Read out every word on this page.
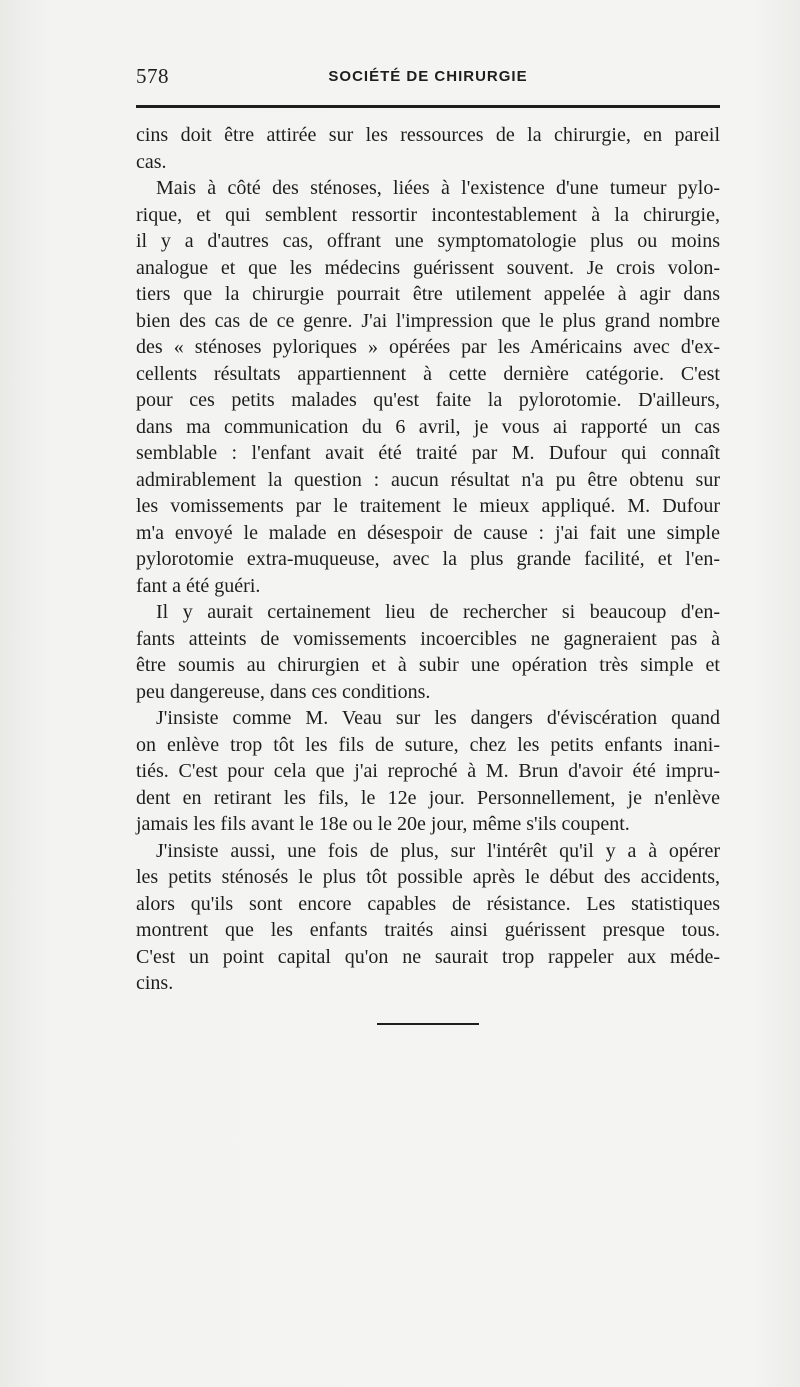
578	SOCIÉTÉ DE CHIRURGIE
cins doit être attirée sur les ressources de la chirurgie, en pareil
cas.
Mais à côté des sténoses, liées à l'existence d'une tumeur pylo-
rique, et qui semblent ressortir incontestablement à la chirurgie,
il y a d'autres cas, offrant une symptomatologie plus ou moins
analogue et que les médecins guérissent souvent. Je crois volon-
tiers que la chirurgie pourrait être utilement appelée à agir dans
bien des cas de ce genre. J'ai l'impression que le plus grand nombre
des « sténoses pyloriques » opérées par les Américains avec d'ex-
cellents résultats appartiennent à cette dernière catégorie. C'est
pour ces petits malades qu'est faite la pylorotomie. D'ailleurs,
dans ma communication du 6 avril, je vous ai rapporté un cas
semblable : l'enfant avait été traité par M. Dufour qui connaît
admirablement la question : aucun résultat n'a pu être obtenu sur
les vomissements par le traitement le mieux appliqué. M. Dufour
m'a envoyé le malade en désespoir de cause : j'ai fait une simple
pylorotomie extra-muqueuse, avec la plus grande facilité, et l'en-
fant a été guéri.
Il y aurait certainement lieu de rechercher si beaucoup d'en-
fants atteints de vomissements incoercibles ne gagneraient pas à
être soumis au chirurgien et à subir une opération très simple et
peu dangereuse, dans ces conditions.
J'insiste comme M. Veau sur les dangers d'éviscération quand
on enlève trop tôt les fils de suture, chez les petits enfants inani-
tiés. C'est pour cela que j'ai reproché à M. Brun d'avoir été impru-
dent en retirant les fils, le 12e jour. Personnellement, je n'enlève
jamais les fils avant le 18e ou le 20e jour, même s'ils coupent.
J'insiste aussi, une fois de plus, sur l'intérêt qu'il y a à opérer
les petits sténosés le plus tôt possible après le début des accidents,
alors qu'ils sont encore capables de résistance. Les statistiques
montrent que les enfants traités ainsi guérissent presque tous.
C'est un point capital qu'on ne saurait trop rappeler aux méde-
cins.
